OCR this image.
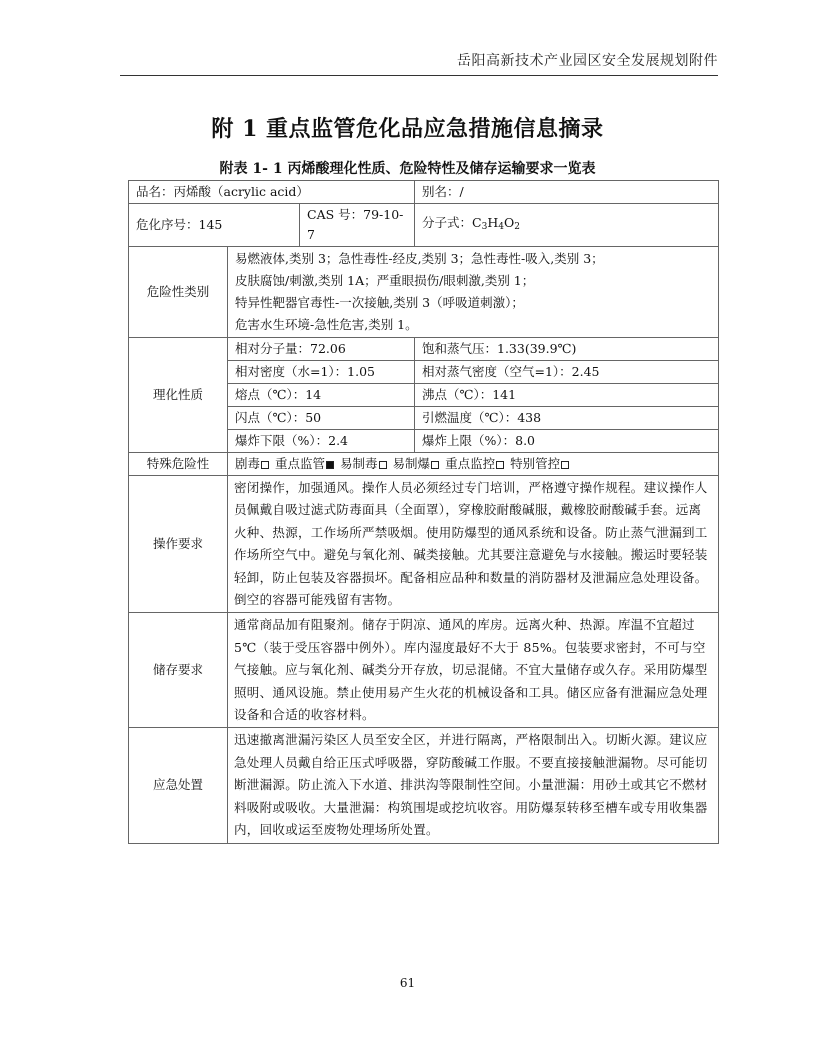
岳阳高新技术产业园区安全发展规划附件
附 1 重点监管危化品应急措施信息摘录
附表 1- 1 丙烯酸理化性质、危险特性及储存运输要求一览表
品名：丙烯酸（acrylic acid）			别名：/
危化序号：145		CAS 号：79-10-7	分子式：$C_3H_4O_2$
危险性类别	易燃液体,类别 3；急性毒性-经皮,类别 3；急性毒性-吸入,类别 3；
皮肤腐蚀/刺激,类别 1A；严重眼损伤/眼刺激,类别 1；
特异性靶器官毒性-一次接触,类别 3（呼吸道刺激）；
危害水生环境-急性危害,类别 1。		

理化性质	相对分子量：72.06		饱和蒸气压：1.33(39.9℃)
	相对密度（水=1）：1.05		相对蒸气密度（空气=1）：2.45
	熔点（℃）：14		沸点（℃）：141
	闪点（℃）：50		引燃温度（℃）：438
	爆炸下限（%）：2.4		爆炸上限（%）：8.0
特殊危险性	剧毒 重点监管 易制毒 易制爆 重点监控 特别管控		
操作要求	密闭操作，加强通风。操作人员必须经过专门培训，严格遵守操作规程。建议操作人员佩戴自吸过滤式防毒面具（全面罩），穿橡胶耐酸碱服，戴橡胶耐酸碱手套。远离火种、热源，工作场所严禁吸烟。使用防爆型的通风系统和设备。防止蒸气泄漏到工作场所空气中。避免与氧化剂、碱类接触。尤其要注意避免与水接触。搬运时要轻装轻卸，防止包装及容器损坏。配备相应品种和数量的消防器材及泄漏应急处理设备。倒空的容器可能残留有害物。		
储存要求	通常商品加有阻聚剂。储存于阴凉、通风的库房。远离火种、热源。库温不宜超过 5℃（装于受压容器中例外）。库内湿度最好不大于 85%。包装要求密封，不可与空气接触。应与氧化剂、碱类分开存放，切忌混储。不宜大量储存或久存。采用防爆型照明、通风设施。禁止使用易产生火花的机械设备和工具。储区应备有泄漏应急处理设备和合适的收容材料。		
应急处置	迅速撤离泄漏污染区人员至安全区，并进行隔离，严格限制出入。切断火源。建议应急处理人员戴自给正压式呼吸器，穿防酸碱工作服。不要直接接触泄漏物。尽可能切断泄漏源。防止流入下水道、排洪沟等限制性空间。小量泄漏：用砂土或其它不燃材料吸附或吸收。大量泄漏：构筑围堤或挖坑收容。用防爆泵转移至槽车或专用收集器内，回收或运至废物处理场所处置。		
61
